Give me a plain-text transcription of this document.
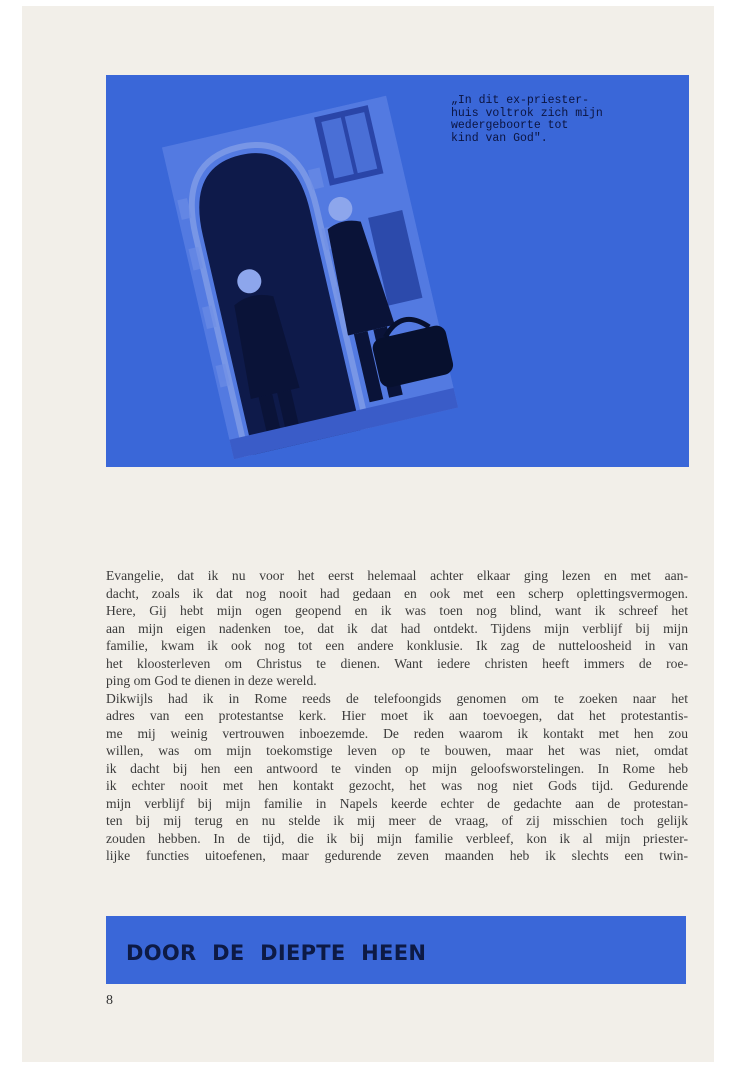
„In dit ex-priester-
huis voltrok zich mijn
wedergeboorte tot
kind van God".

Evangelie, dat ik nu voor het eerst helemaal achter elkaar ging lezen en met aan-

dacht, zoals ik dat nog nooit had gedaan en ook met een scherp oplettingsvermogen.

Here, Gij hebt mijn ogen geopend en ik was toen nog blind, want ik schreef het

aan mijn eigen nadenken toe, dat ik dat had ontdekt. Tijdens mijn verblijf bij mijn

familie, kwam ik ook nog tot een andere konklusie. Ik zag de nutteloosheid in van

het kloosterleven om Christus te dienen. Want iedere christen heeft immers de roe-

ping om God te dienen in deze wereld.

Dikwijls had ik in Rome reeds de telefoongids genomen om te zoeken naar het

adres van een protestantse kerk. Hier moet ik aan toevoegen, dat het protestantis-

me mij weinig vertrouwen inboezemde. De reden waarom ik kontakt met hen zou

willen, was om mijn toekomstige leven op te bouwen, maar het was niet, omdat

ik dacht bij hen een antwoord te vinden op mijn geloofsworstelingen. In Rome heb

ik echter nooit met hen kontakt gezocht, het was nog niet Gods tijd. Gedurende

mijn verblijf bij mijn familie in Napels keerde echter de gedachte aan de protestan-

ten bij mij terug en nu stelde ik mij meer de vraag, of zij misschien toch gelijk

zouden hebben. In de tijd, die ik bij mijn familie verbleef, kon ik al mijn priester-

lijke functies uitoefenen, maar gedurende zeven maanden heb ik slechts een twin-

DOOR DE DIEPTE HEEN
8
